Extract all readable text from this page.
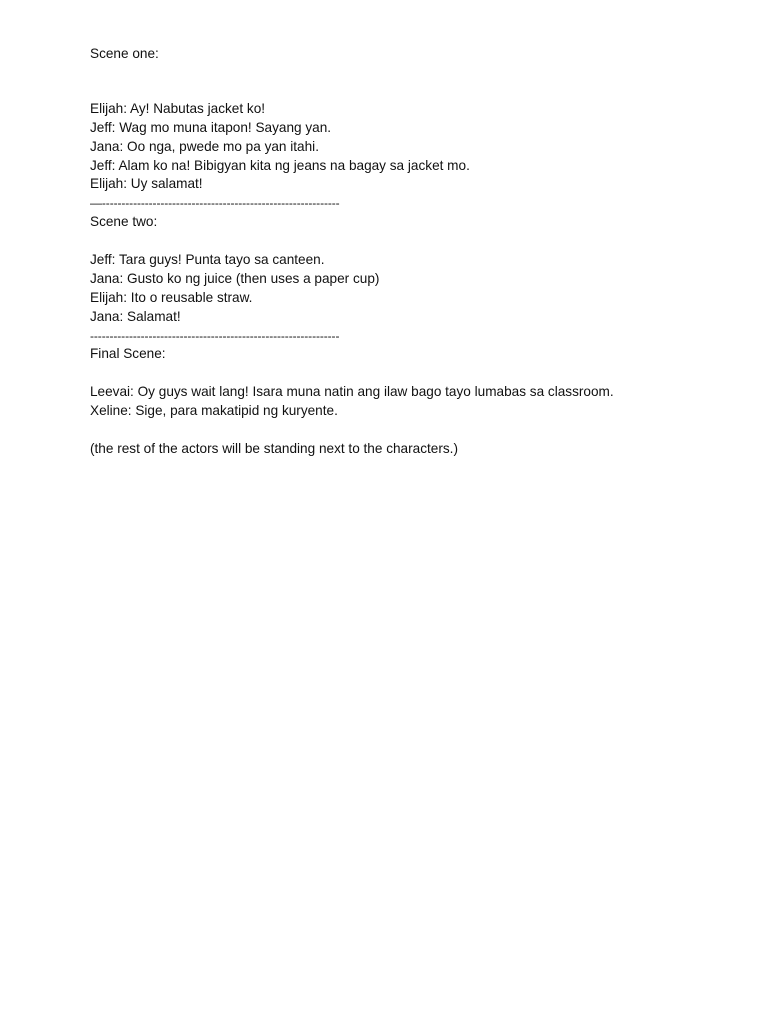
Scene one:
Elijah: Ay! Nabutas jacket ko!
Jeff: Wag mo muna itapon! Sayang yan.
Jana: Oo nga, pwede mo pa yan itahi.
Jeff: Alam ko na! Bibigyan kita ng jeans na bagay sa jacket mo.
Elijah: Uy salamat!
—-------------------------------------------------------------
Scene two:
Jeff: Tara guys! Punta tayo sa canteen.
Jana: Gusto ko ng juice (then uses a paper cup)
Elijah: Ito o reusable straw.
Jana: Salamat!
----------------------------------------------------------------
Final Scene:
Leevai: Oy guys wait lang! Isara muna natin ang ilaw bago tayo lumabas sa classroom.
Xeline: Sige, para makatipid ng kuryente.
(the rest of the actors will be standing next to the characters.)
